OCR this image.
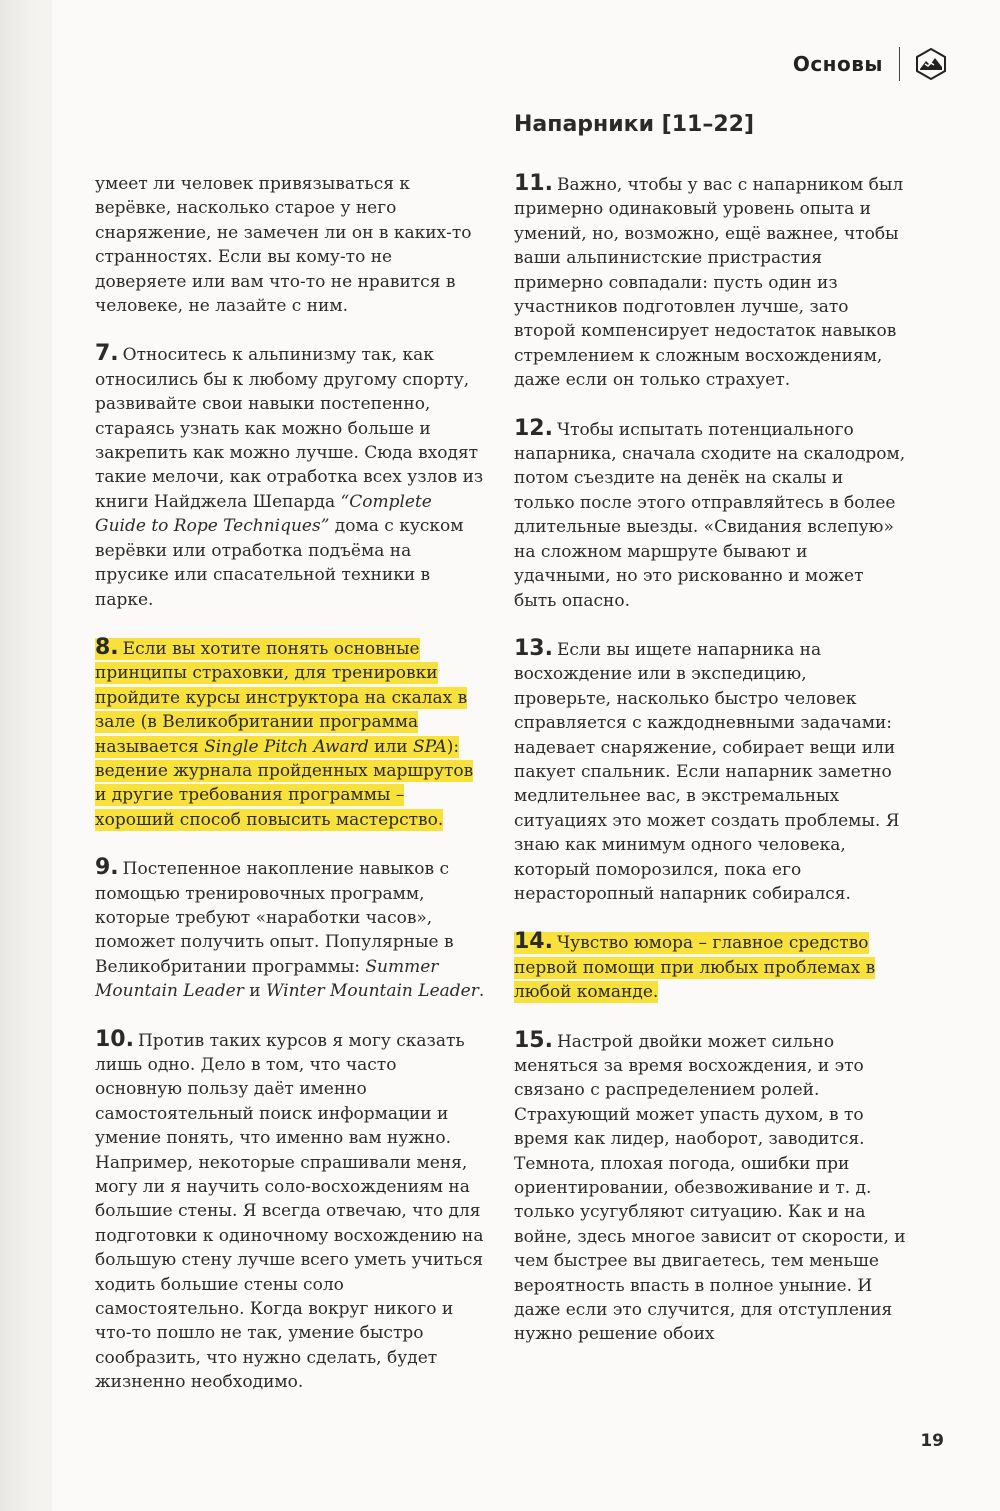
Основы
Напарники [11–22]

умеет ли человек привязываться к верёвке, насколько старое у него снаряжение, не замечен ли он в каких-то странностях. Если вы кому-то не доверяете или вам что-то не нравится в человеке, не лазайте с ним.

7. Относитесь к альпинизму так, как относились бы к любому другому спорту, развивайте свои навыки постепенно, стараясь узнать как можно больше и закрепить как можно лучше. Сюда входят такие мелочи, как отработка всех узлов из книги Найджела Шепарда “Complete Guide to Rope Techniques” дома с куском верёвки или отработка подъёма на прусике или спасательной техники в парке.

8. Если вы хотите понять основные принципы страховки, для тренировки пройдите курсы инструктора на скалах в зале (в Великобритании программа называется Single Pitch Award или SPA): ведение журнала пройденных маршрутов и другие требования программы – хороший способ повысить мастерство.

9. Постепенное накопление навыков с помощью тренировочных программ, которые требуют «наработки часов», поможет получить опыт. Популярные в Великобритании программы: Summer Mountain Leader и Winter Mountain Leader.

10. Против таких курсов я могу сказать лишь одно. Дело в том, что часто основную пользу даёт именно самостоятельный поиск информации и умение понять, что именно вам нужно. Например, некоторые спрашивали меня, могу ли я научить соло-восхождениям на большие стены. Я всегда отвечаю, что для подготовки к одиночному восхождению на большую стену лучше всего уметь учиться ходить большие стены соло самостоятельно. Когда вокруг никого и что-то пошло не так, умение быстро сообразить, что нужно сделать, будет жизненно необходимо.

11. Важно, чтобы у вас с напарником был примерно одинаковый уровень опыта и умений, но, возможно, ещё важнее, чтобы ваши альпинистские пристрастия примерно совпадали: пусть один из участников подготовлен лучше, зато второй компенсирует недостаток навыков стремлением к сложным восхождениям, даже если он только страхует.

12. Чтобы испытать потенциального напарника, сначала сходите на скалодром, потом съездите на денёк на скалы и только после этого отправляйтесь в более длительные выезды. «Свидания вслепую» на сложном маршруте бывают и удачными, но это рискованно и может быть опасно.

13. Если вы ищете напарника на восхождение или в экспедицию, проверьте, насколько быстро человек справляется с каждодневными задачами: надевает снаряжение, собирает вещи или пакует спальник. Если напарник заметно медлительнее вас, в экстремальных ситуациях это может создать проблемы. Я знаю как минимум одного человека, который поморозился, пока его нерасторопный напарник собирался.

14. Чувство юмора – главное средство первой помощи при любых проблемах в любой команде.

15. Настрой двойки может сильно меняться за время восхождения, и это связано с распределением ролей. Страхующий может упасть духом, в то время как лидер, наоборот, заводится. Темнота, плохая погода, ошибки при ориентировании, обезвоживание и т. д. только усугубляют ситуацию. Как и на войне, здесь многое зависит от скорости, и чем быстрее вы двигаетесь, тем меньше вероятность впасть в полное уныние. И даже если это случится, для отступления нужно решение обоих

19
